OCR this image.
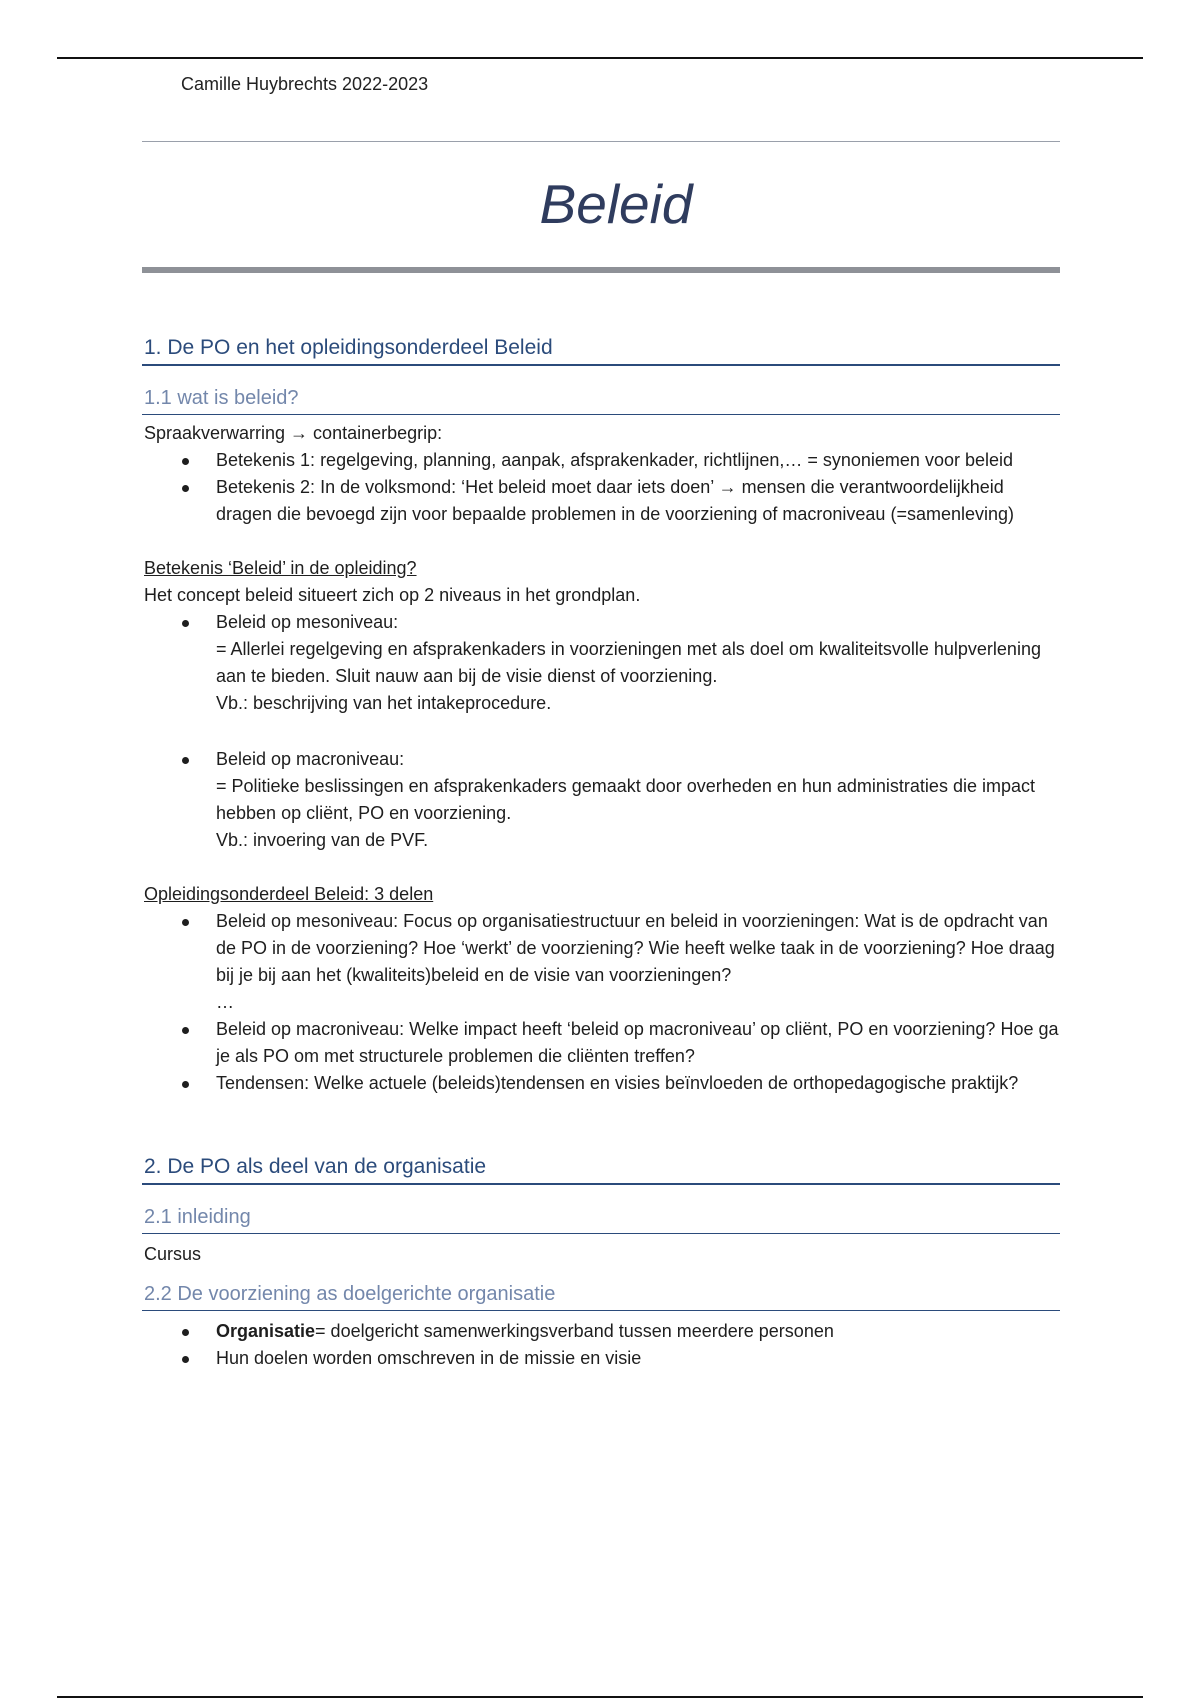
Camille Huybrechts 2022-2023
Beleid
1. De PO en het opleidingsonderdeel Beleid
1.1 wat is beleid?

Spraakverwarring → containerbegrip:

Betekenis 1: regelgeving, planning, aanpak, afsprakenkader, richtlijnen,… = synoniemen voor beleid
Betekenis 2: In de volksmond: ‘Het beleid moet daar iets doen’ → mensen die verantwoordelijkheid dragen die bevoegd zijn voor bepaalde problemen in de voorziening of macroniveau (=samenleving)

Betekenis ‘Beleid’ in de opleiding?

Het concept beleid situeert zich op 2 niveaus in het grondplan.

Beleid op mesoniveau:
= Allerlei regelgeving en afsprakenkaders in voorzieningen met als doel om kwaliteitsvolle hulpverlening aan te bieden. Sluit nauw aan bij de visie dienst of voorziening.
Vb.: beschrijving van het intakeprocedure.
Beleid op macroniveau:
= Politieke beslissingen en afsprakenkaders gemaakt door overheden en hun administraties die impact hebben op cliënt, PO en voorziening.
Vb.: invoering van de PVF.

Opleidingsonderdeel Beleid: 3 delen

Beleid op mesoniveau: Focus op organisatiestructuur en beleid in voorzieningen: Wat is de opdracht van de PO in de voorziening? Hoe ‘werkt’ de voorziening? Wie heeft welke taak in de voorziening? Hoe draag bij je bij aan het (kwaliteits)beleid en de visie van voorzieningen?
…
Beleid op macroniveau: Welke impact heeft ‘beleid op macroniveau’ op cliënt, PO en voorziening? Hoe ga je als PO om met structurele problemen die cliënten treffen?
Tendensen: Welke actuele (beleids)tendensen en visies beïnvloeden de orthopedagogische praktijk?
2. De PO als deel van de organisatie
2.1 inleiding

Cursus

2.2 De voorziening as doelgerichte organisatie
Organisatie= doelgericht samenwerkingsverband tussen meerdere personen
Hun doelen worden omschreven in de missie en visie
